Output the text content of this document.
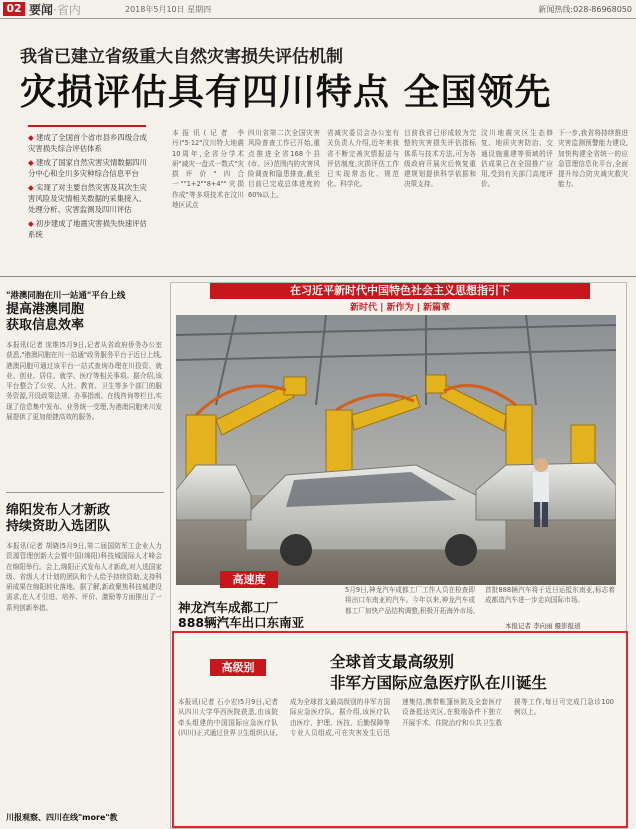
02 要闻·省内	2018年5月10日 星期四	新闻热线:028-86968050
我省已建立省级重大自然灾害损失评估机制
灾损评估具有四川特点 全国领先

◆ 建成了全国首个省市县乡四级合成灾害损失综合评估体系

◆ 建成了国家自然灾害灾情数据四川分中心和全川多灾种综合信息平台

◆ 实现了对主要自然灾害及其次生灾害风险及灾情相关数据的采集接入、处理分析、灾害监测及四川评估

◆ 初步建成了地震灾害损失快速评估系统

本报讯(记者 李丹)"5·12"汶川特大地震10周年,全省分学术研"减灾一盘式一数式"灾损评价"四合一""1+2""8+4""灾损作成"等多项技术在汶川地区试点
四川省第二次全国灾害风险普查工作已开始,重点推进全省168个县(市、区)范围内的灾害风险调查和隐患排查,截至目前已完成总体进度的60%以上。
省减灾委员会办公室有关负责人介绍,近年来我省不断完善灾情报送与评估制度,灾损评估工作已实现常态化、规范化、科学化。
目前我省已形成较为完整的灾害损失评估指标体系与技术方法,可为各级政府开展灾后恢复重建规划提供科学依据和决策支持。
汶川地震灾区生态修复、地质灾害防治、交通设施重建等领域的评估成果已在全国推广应用,受到有关部门高度评价。
下一步,我省将持续推进灾害监测预警能力建设,加快构建全省统一的应急管理信息化平台,全面提升综合防灾减灾救灾能力。
"港澳同胞在川一站通"平台上线
提高港澳同胞
获取信息效率
本报讯(记者 庞维)5月9日,记者从省政府侨务办公室获悉,"港澳同胞在川一站通"政务服务平台于近日上线,港澳同胞可通过该平台一站式查询办理在川投资、就业、创业、居住、就学、医疗等相关事项。据介绍,该平台整合了公安、人社、教育、卫生等多个部门的服务资源,开设政策法规、办事指南、在线咨询等栏目,实现了信息集中发布、业务统一受理,为港澳同胞来川发展提供了更加便捷高效的服务。
绵阳发布人才新政
持续资助入选团队
本报讯(记者 胡晓)5月9日,第二届国防军工企业人力资源管理创新大会暨中国(绵阳)科技城国际人才峰会在绵阳举行。会上,绵阳正式发布人才新政,对入选国家级、省级人才计划的团队和个人给予持续资助,支持科研成果在绵阳转化落地。据了解,新政聚焦科技城建设需求,在人才引进、培养、评价、激励等方面推出了一系列创新举措。
川报观察、四川在线"more"教
在习近平新时代中国特色社会主义思想指引下
新时代 | 新作为 | 新篇章
高速度
神龙汽车成都工厂
888辆汽车出口东南亚
5月9日,神龙汽车成都工厂工作人员在检查即将出口东南亚的汽车。今年以来,神龙汽车成都工厂加快产品结构调整,积极开拓海外市场,首批888辆汽车将于近日运抵东南亚,标志着成都造汽车进一步走向国际市场。
本报记者 李向雨 摄影报道
高级别	全球首支最高级别
非军方国际应急医疗队在川诞生
本报讯(记者 石小宏)5月9日,记者从四川大学华西医院获悉,由该院牵头组建的中国国际应急医疗队(四川)正式通过世界卫生组织认证,成为全球首支最高级别的非军方国际应急医疗队。据介绍,该医疗队由医疗、护理、医技、后勤保障等专业人员组成,可在灾害发生后迅速集结,携带帐篷医院及全套医疗设备抵达灾区,在极端条件下独立开展手术、住院治疗和公共卫生救援等工作,每日可完成门急诊100例以上。
